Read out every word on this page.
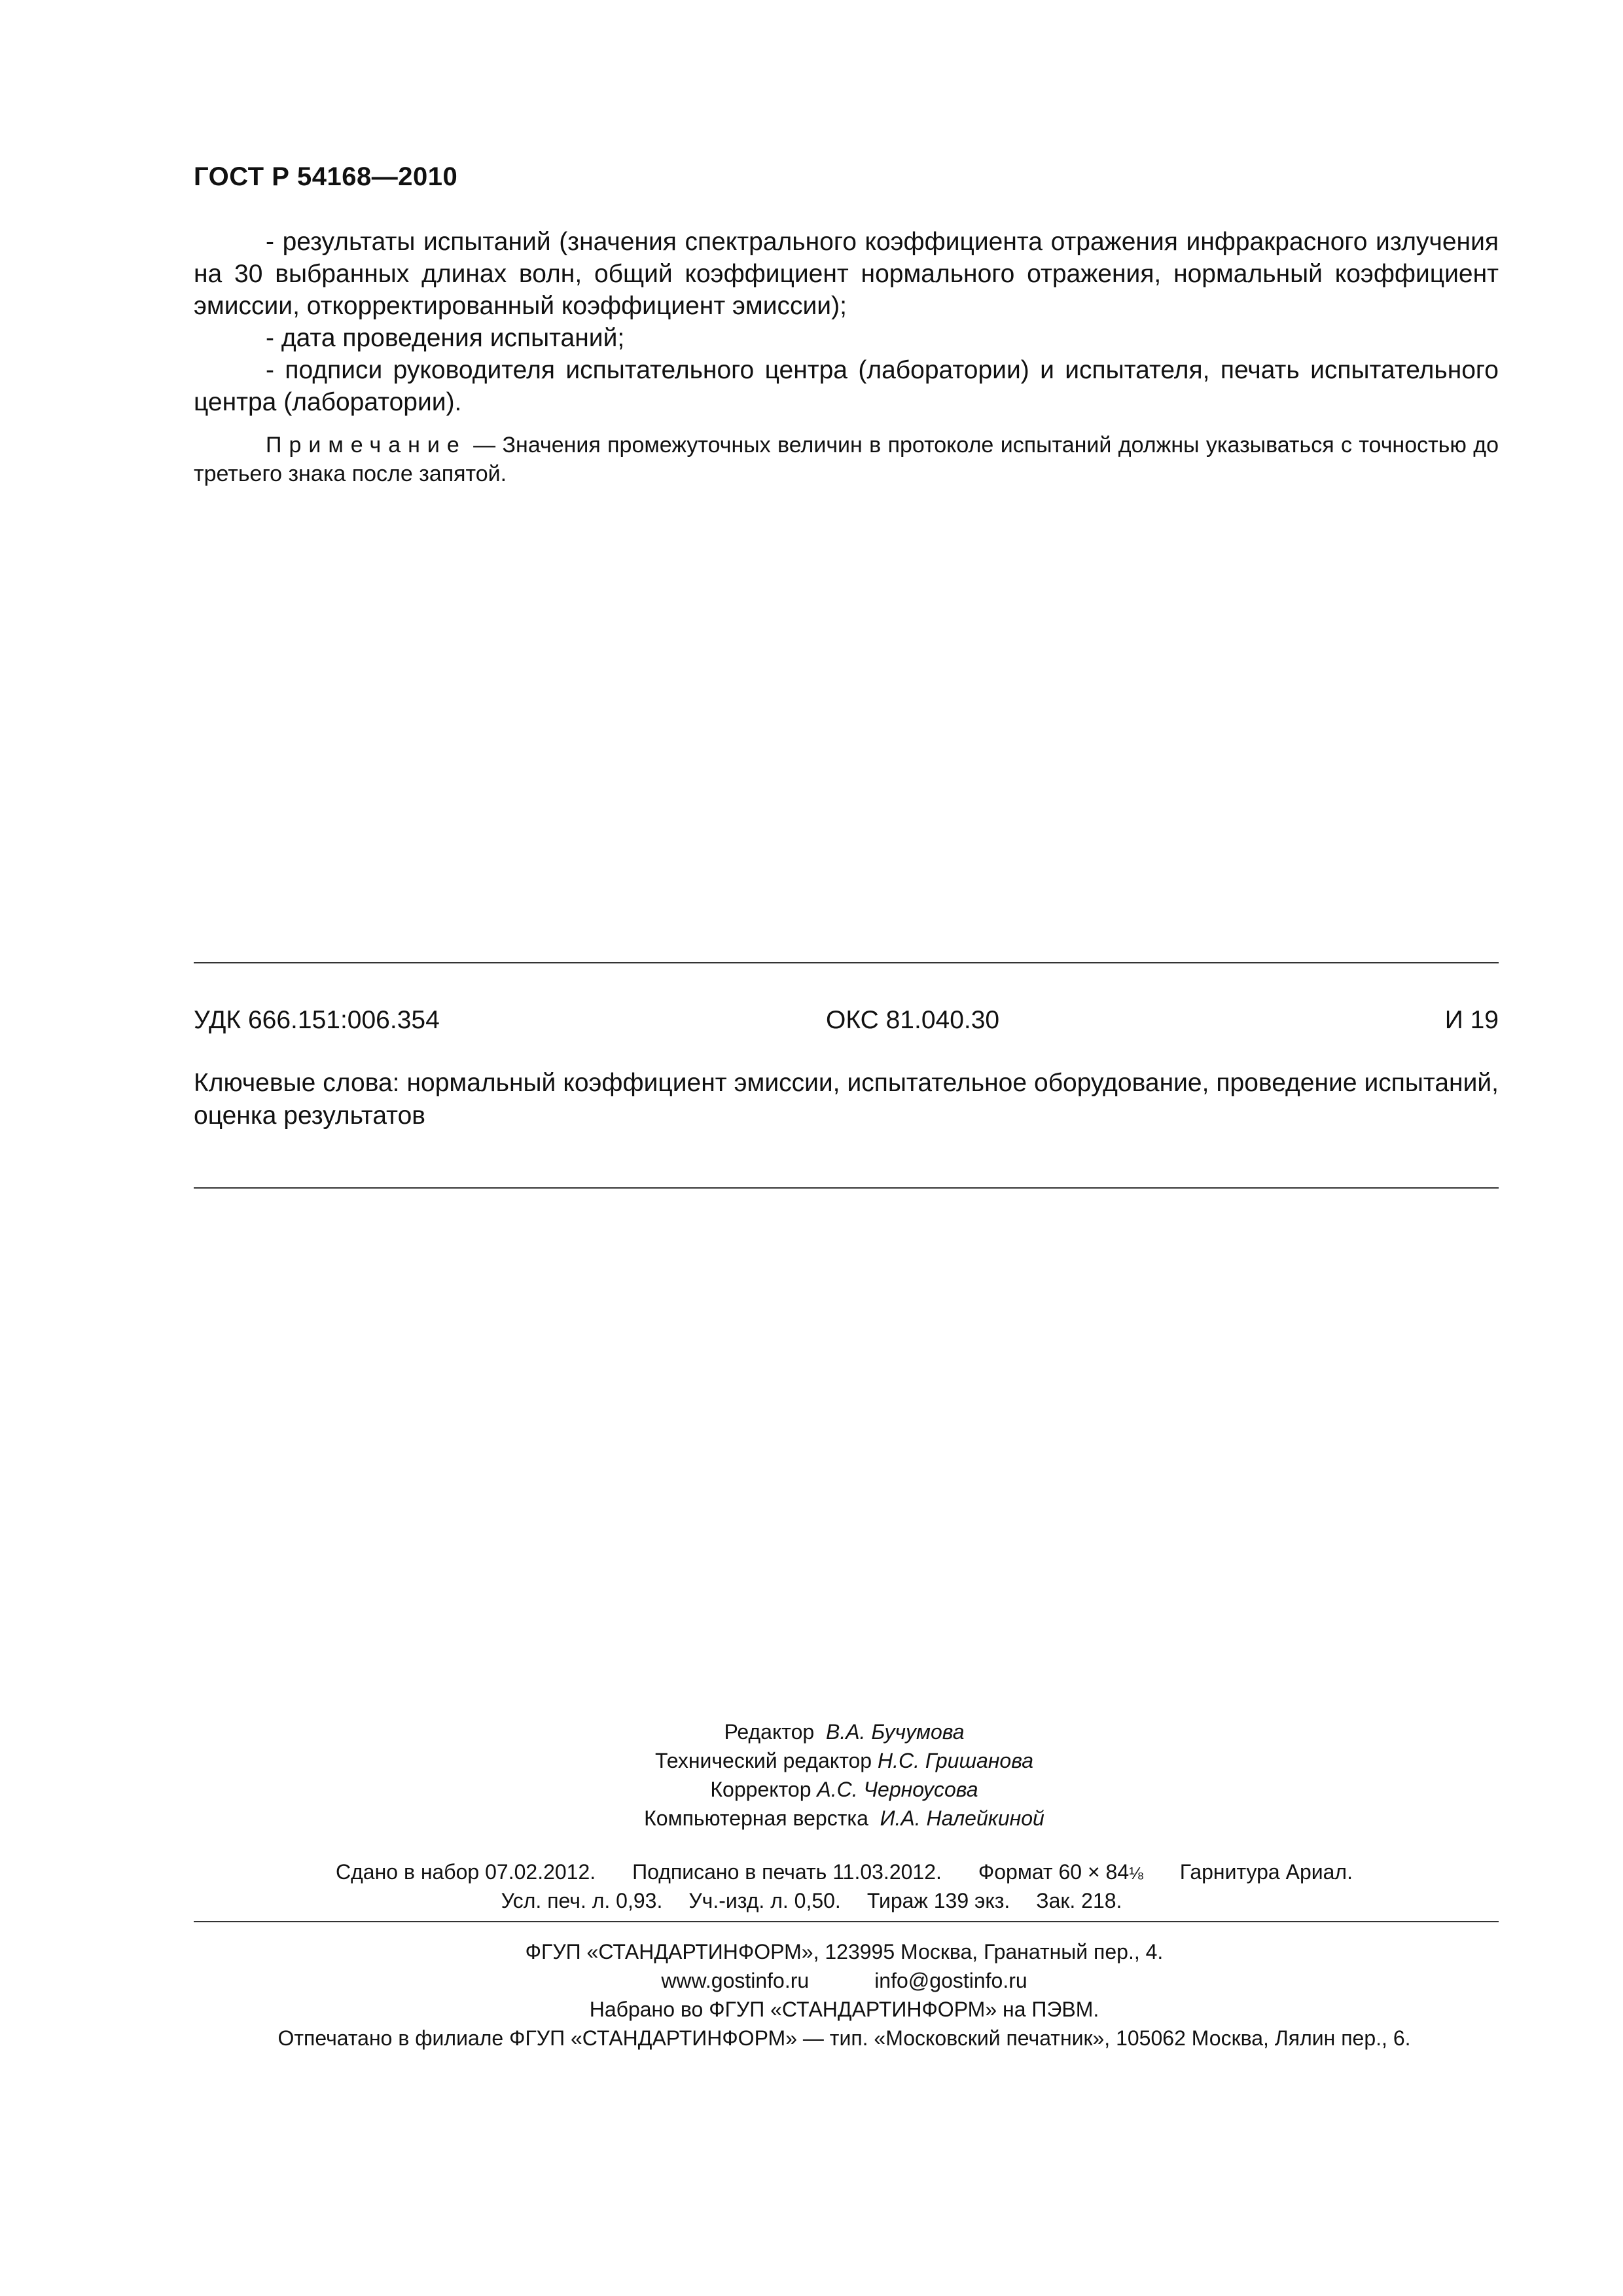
ГОСТ Р 54168—2010

- результаты испытаний (значения спектрального коэффициента отражения инфракрасного излучения на 30 выбранных длинах волн, общий коэффициент нормального отражения, нормальный коэффициент эмиссии, откорректированный коэффициент эмиссии);

- дата проведения испытаний;

- подписи руководителя испытательного центра (лаборатории) и испытателя, печать испытательного центра (лаборатории).

Примечание — Значения промежуточных величин в протоколе испытаний должны указываться с точностью до третьего знака после запятой.
УДК 666.151:006.354	ОКС 81.040.30	И 19
Ключевые слова: нормальный коэффициент эмиссии, испытательное оборудование, проведение испытаний, оценка результатов
Редактор В.А. Бучумова
Технический редактор Н.С. Гришанова
Корректор А.С. Черноусова
Компьютерная верстка И.А. Налейкиной
Сдано в набор 07.02.2012. Подписано в печать 11.03.2012. Формат 60 × 84⅛ Гарнитура Ариал.
Усл. печ. л. 0,93. Уч.-изд. л. 0,50. Тираж 139 экз. Зак. 218.
ФГУП «СТАНДАРТИНФОРМ», 123995 Москва, Гранатный пер., 4.
www.gostinfo.ru	info@gostinfo.ru
Набрано во ФГУП «СТАНДАРТИНФОРМ» на ПЭВМ.
Отпечатано в филиале ФГУП «СТАНДАРТИНФОРМ» — тип. «Московский печатник», 105062 Москва, Лялин пер., 6.
